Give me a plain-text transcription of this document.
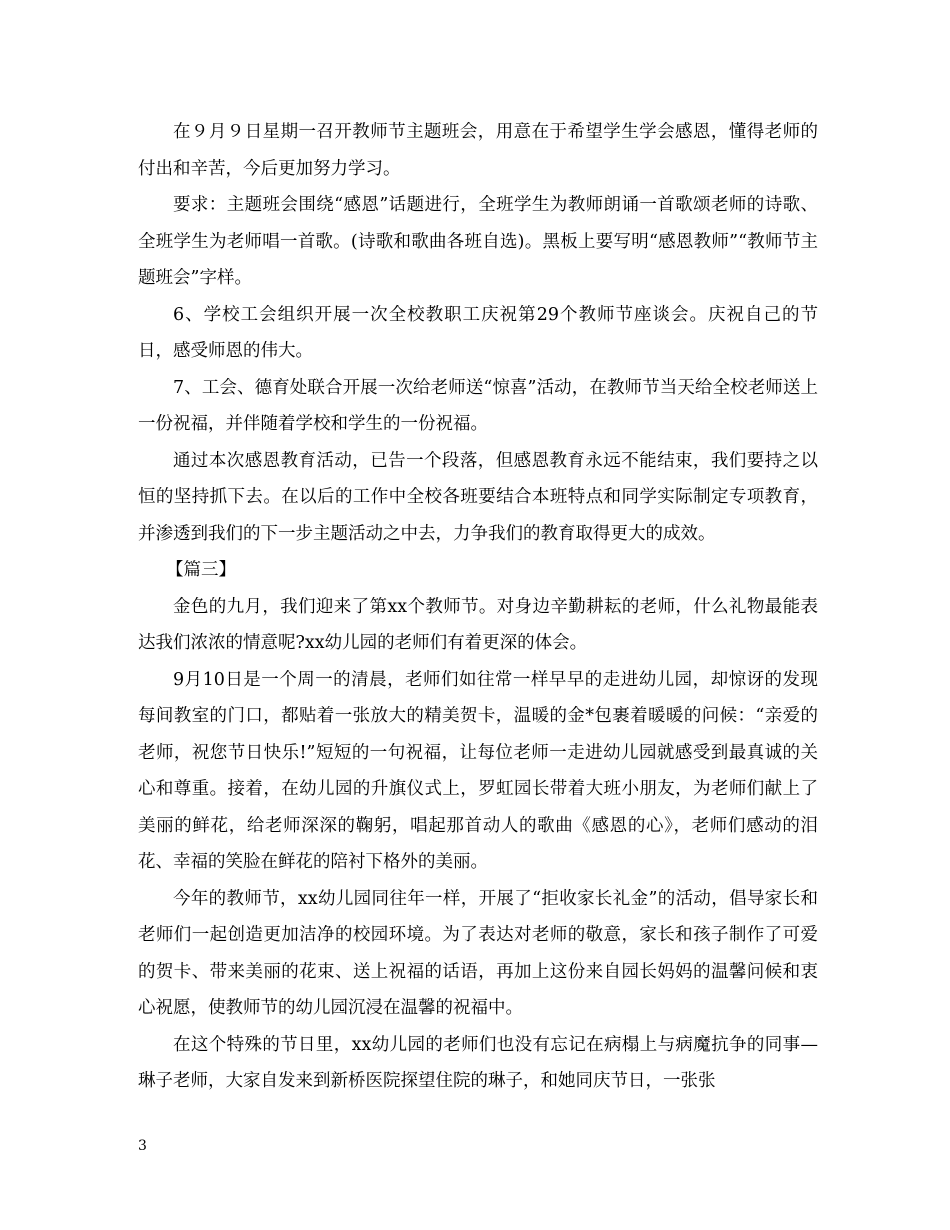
在９月９日星期一召开教师节主题班会，用意在于希望学生学会感恩，懂得老师的付出和辛苦，今后更加努力学习。

要求：主题班会围绕“感恩”话题进行，全班学生为教师朗诵一首歌颂老师的诗歌、全班学生为老师唱一首歌。(诗歌和歌曲各班自选)。黑板上要写明“感恩教师”“教师节主题班会”字样。

6、学校工会组织开展一次全校教职工庆祝第29个教师节座谈会。庆祝自己的节日，感受师恩的伟大。

7、工会、德育处联合开展一次给老师送“惊喜”活动，在教师节当天给全校老师送上一份祝福，并伴随着学校和学生的一份祝福。

通过本次感恩教育活动，已告一个段落，但感恩教育永远不能结束，我们要持之以恒的坚持抓下去。在以后的工作中全校各班要结合本班特点和同学实际制定专项教育，并渗透到我们的下一步主题活动之中去，力争我们的教育取得更大的成效。

【篇三】

金色的九月，我们迎来了第xx个教师节。对身边辛勤耕耘的老师，什么礼物最能表达我们浓浓的情意呢?xx幼儿园的老师们有着更深的体会。

9月10日是一个周一的清晨，老师们如往常一样早早的走进幼儿园，却惊讶的发现每间教室的门口，都贴着一张放大的精美贺卡，温暖的金*包裹着暖暖的问候：“亲爱的老师，祝您节日快乐!”短短的一句祝福，让每位老师一走进幼儿园就感受到最真诚的关心和尊重。接着，在幼儿园的升旗仪式上，罗虹园长带着大班小朋友，为老师们献上了美丽的鲜花，给老师深深的鞠躬，唱起那首动人的歌曲《感恩的心》，老师们感动的泪花、幸福的笑脸在鲜花的陪衬下格外的美丽。

今年的教师节，xx幼儿园同往年一样，开展了“拒收家长礼金”的活动，倡导家长和老师们一起创造更加洁净的校园环境。为了表达对老师的敬意，家长和孩子制作了可爱的贺卡、带来美丽的花束、送上祝福的话语，再加上这份来自园长妈妈的温馨问候和衷心祝愿，使教师节的幼儿园沉浸在温馨的祝福中。

在这个特殊的节日里，xx幼儿园的老师们也没有忘记在病榻上与病魔抗争的同事—琳子老师，大家自发来到新桥医院探望住院的琳子，和她同庆节日，一张张

3
